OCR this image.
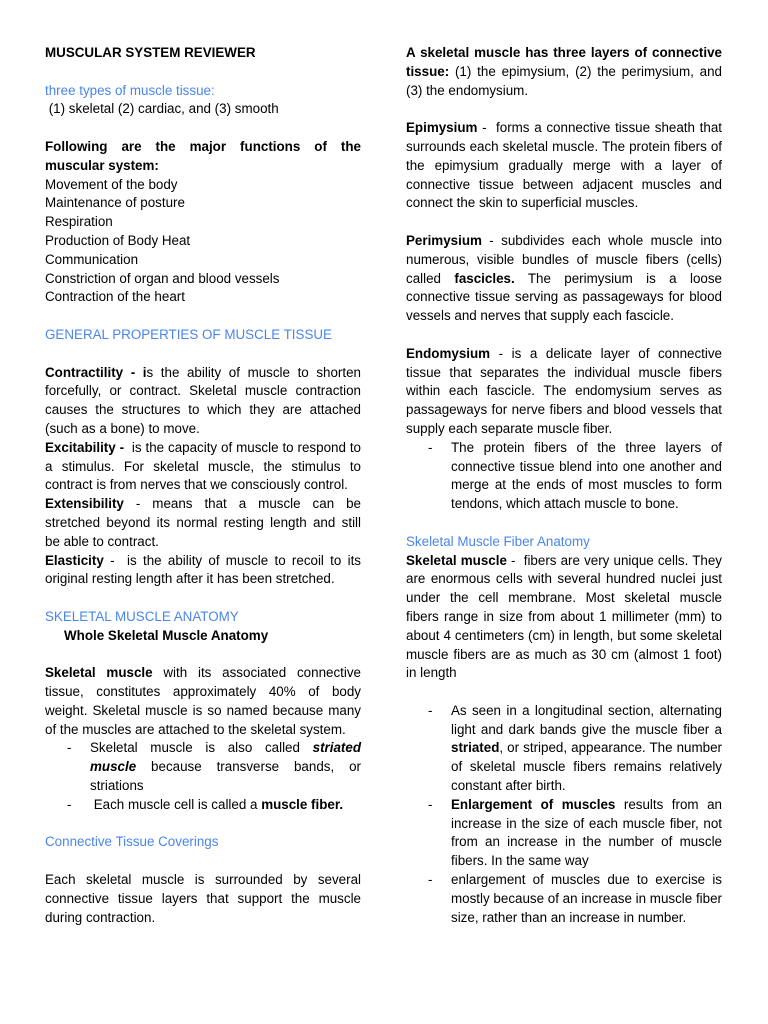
MUSCULAR SYSTEM REVIEWER

three types of muscle tissue:

(1) skeletal (2) cardiac, and (3) smooth

Following are the major functions of the muscular system:

Movement of the body

Maintenance of posture

Respiration

Production of Body Heat

Communication

Constriction of organ and blood vessels

Contraction of the heart

GENERAL PROPERTIES OF MUSCLE TISSUE

Contractility - is the ability of muscle to shorten forcefully, or contract. Skeletal muscle contraction causes the structures to which they are attached (such as a bone) to move.

Excitability -  is the capacity of muscle to respond to a stimulus. For skeletal muscle, the stimulus to contract is from nerves that we consciously control.

Extensibility - means that a muscle can be stretched beyond its normal resting length and still be able to contract.

Elasticity -  is the ability of muscle to recoil to its original resting length after it has been stretched.

SKELETAL MUSCLE ANATOMY

Whole Skeletal Muscle Anatomy

Skeletal muscle with its associated connective tissue, constitutes approximately 40% of body weight. Skeletal muscle is so named because many of the muscles are attached to the skeletal system.

- Skeletal muscle is also called striated muscle because transverse bands, or striations
-  Each muscle cell is called a muscle fiber.

Connective Tissue Coverings

Each skeletal muscle is surrounded by several connective tissue layers that support the muscle during contraction.

A skeletal muscle has three layers of connective tissue: (1) the epimysium, (2) the perimysium, and (3) the endomysium.

Epimysium -  forms a connective tissue sheath that surrounds each skeletal muscle. The protein fibers of the epimysium gradually merge with a layer of connective tissue between adjacent muscles and connect the skin to superficial muscles.

Perimysium - subdivides each whole muscle into numerous, visible bundles of muscle fibers (cells) called fascicles. The perimysium is a loose connective tissue serving as passageways for blood vessels and nerves that supply each fascicle.

Endomysium - is a delicate layer of connective tissue that separates the individual muscle fibers within each fascicle. The endomysium serves as passageways for nerve fibers and blood vessels that supply each separate muscle fiber.

- The protein fibers of the three layers of connective tissue blend into one another and merge at the ends of most muscles to form tendons, which attach muscle to bone.

Skeletal Muscle Fiber Anatomy

Skeletal muscle -  fibers are very unique cells. They are enormous cells with several hundred nuclei just under the cell membrane. Most skeletal muscle fibers range in size from about 1 millimeter (mm) to about 4 centimeters (cm) in length, but some skeletal muscle fibers are as much as 30 cm (almost 1 foot) in length

- As seen in a longitudinal section, alternating light and dark bands give the muscle fiber a striated, or striped, appearance. The number of skeletal muscle fibers remains relatively constant after birth.
- Enlargement of muscles results from an increase in the size of each muscle fiber, not from an increase in the number of muscle fibers. In the same way
- enlargement of muscles due to exercise is mostly because of an increase in muscle fiber size, rather than an increase in number.
